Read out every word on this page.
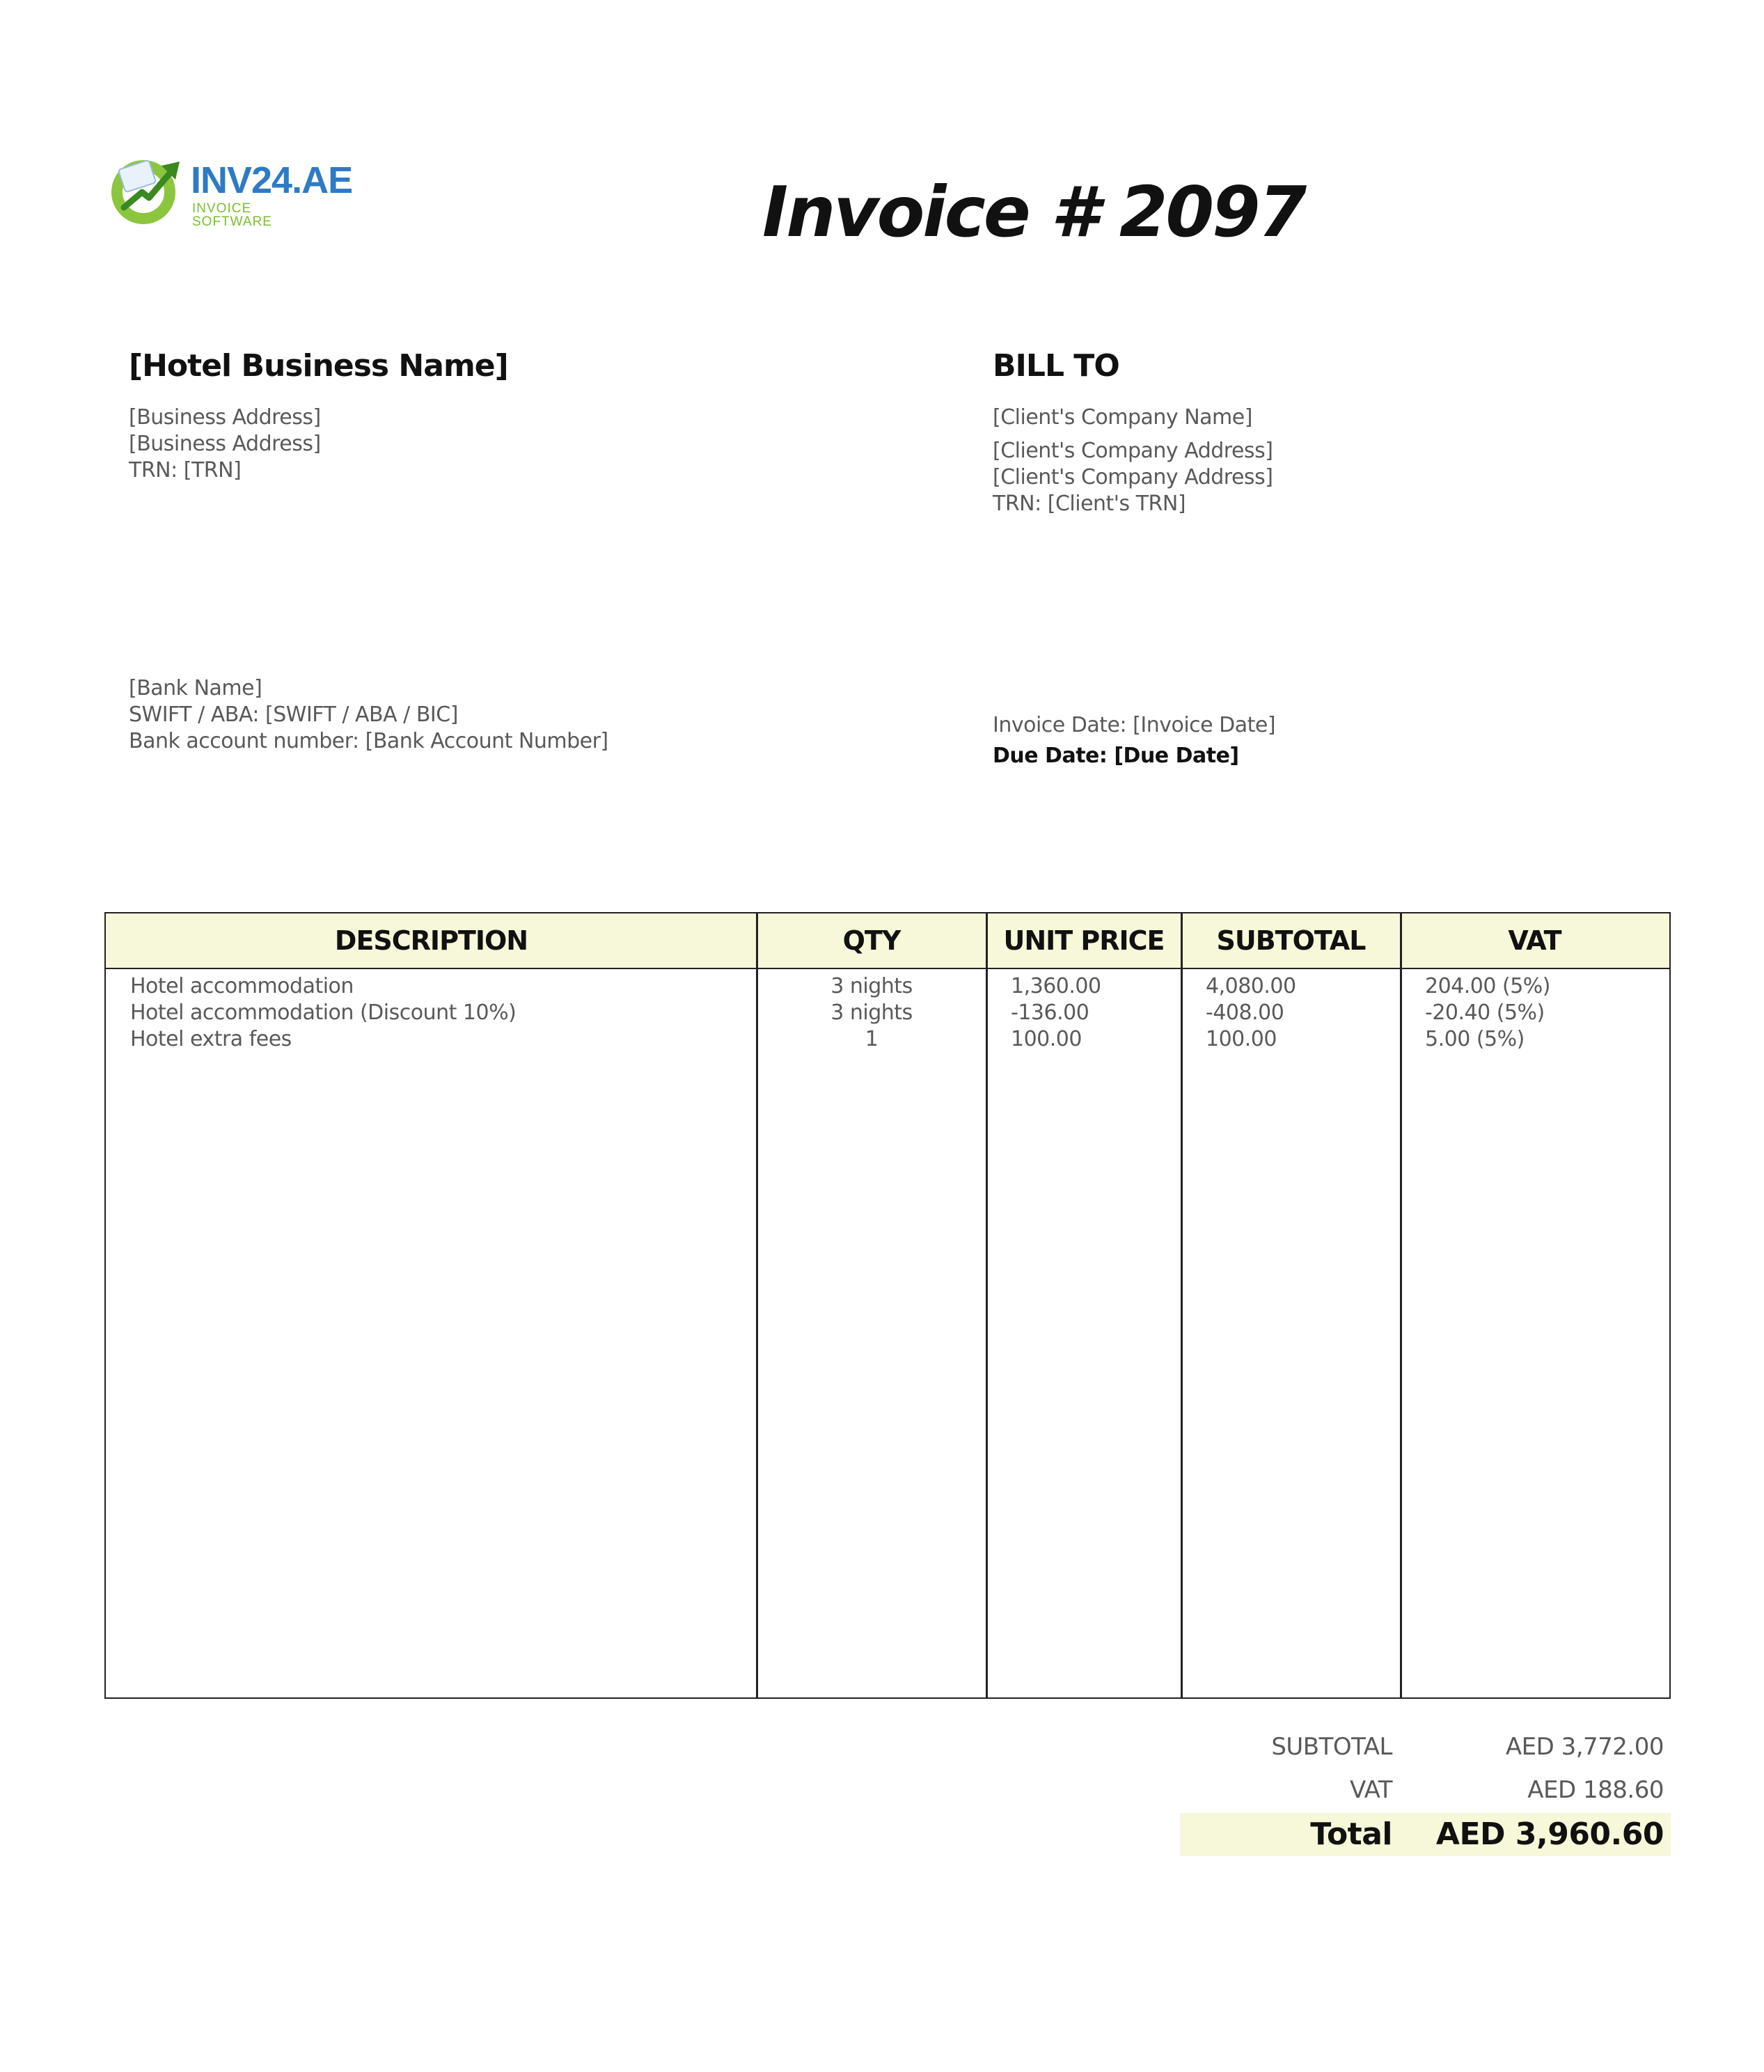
INV24.AE
INVOICE SOFTWARE	Invoice # 2097
[Hotel Business Name]
[Business Address]
[Business Address]
TRN: [TRN]
BILL TO
[Client's Company Name]
[Client's Company Address]
[Client's Company Address]
TRN: [Client's TRN]
[Bank Name]
SWIFT / ABA: [SWIFT / ABA / BIC]
Bank account number: [Bank Account Number]
Invoice Date: [Invoice Date]
Due Date: [Due Date]
DESCRIPTION	QTY	UNIT PRICE	SUBTOTAL	VAT
Hotel accommodation	3 nights	1,360.00	4,080.00	204.00 (5%)
Hotel accommodation (Discount 10%)	3 nights	-136.00	-408.00	-20.40 (5%)
Hotel extra fees	1	100.00	100.00	5.00 (5%)
SUBTOTAL	AED 3,772.00
VAT	AED 188.60
Total AED 3,960.60
